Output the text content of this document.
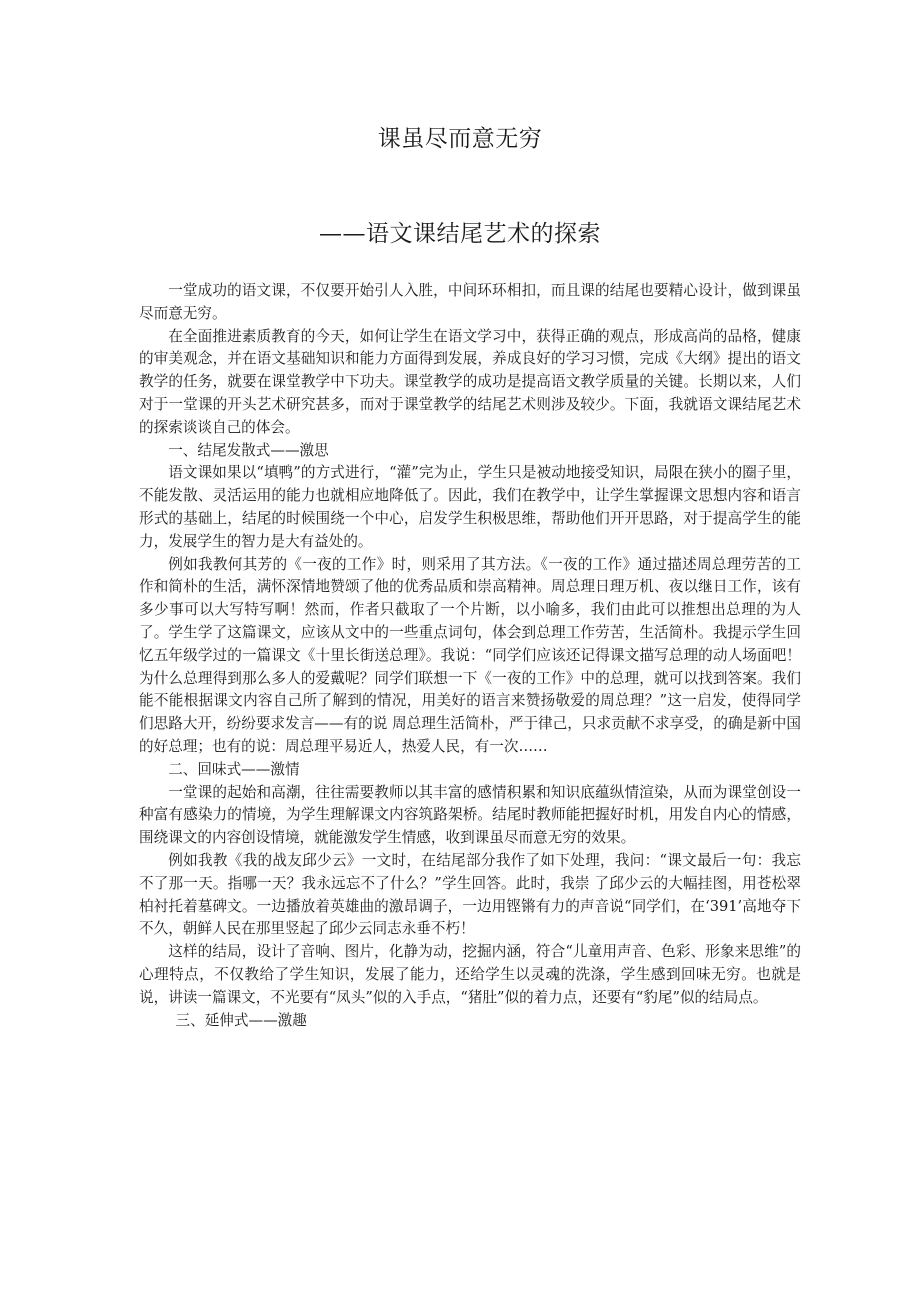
课虽尽而意无穷
——语文课结尾艺术的探索

一堂成功的语文课，不仅要开始引人入胜，中间环环相扣，而且课的结尾也要精心设计，做到课虽尽而意无穷。

在全面推进素质教育的今天，如何让学生在语文学习中，获得正确的观点，形成高尚的品格，健康的审美观念，并在语文基础知识和能力方面得到发展，养成良好的学习习惯，完成《大纲》提出的语文教学的任务，就要在课堂教学中下功夫。课堂教学的成功是提高语文教学质量的关键。长期以来，人们对于一堂课的开头艺术研究甚多，而对于课堂教学的结尾艺术则涉及较少。下面，我就语文课结尾艺术的探索谈谈自己的体会。

一、结尾发散式——激思

语文课如果以“填鸭”的方式进行，“灌”完为止，学生只是被动地接受知识，局限在狭小的圈子里，不能发散、灵活运用的能力也就相应地降低了。因此，我们在教学中，让学生掌握课文思想内容和语言形式的基础上，结尾的时候围绕一个中心，启发学生积极思维，帮助他们开开思路，对于提高学生的能力，发展学生的智力是大有益处的。

例如我教何其芳的《一夜的工作》时，则采用了其方法。《一夜的工作》通过描述周总理劳苦的工作和简朴的生活，满怀深情地赞颂了他的优秀品质和崇高精神。周总理日理万机、夜以继日工作，该有多少事可以大写特写啊！然而，作者只截取了一个片断，以小喻多，我们由此可以推想出总理的为人了。学生学了这篇课文，应该从文中的一些重点词句，体会到总理工作劳苦，生活简朴。我提示学生回忆五年级学过的一篇课文《十里长街送总理》。我说：“同学们应该还记得课文描写总理的动人场面吧！为什么总理得到那么多人的爱戴呢？同学们联想一下《一夜的工作》中的总理，就可以找到答案。我们能不能根据课文内容自己所了解到的情况，用美好的语言来赞扬敬爱的周总理？”这一启发，使得同学们思路大开，纷纷要求发言——有的说 周总理生活简朴，严于律己，只求贡献不求享受，的确是新中国的好总理；也有的说：周总理平易近人，热爱人民，有一次……

二、回味式——激情

一堂课的起始和高潮，往往需要教师以其丰富的感情积累和知识底蕴纵情渲染，从而为课堂创设一种富有感染力的情境，为学生理解课文内容筑路架桥。结尾时教师能把握好时机，用发自内心的情感，围绕课文的内容创设情境，就能激发学生情感，收到课虽尽而意无穷的效果。

例如我教《我的战友邱少云》一文时，在结尾部分我作了如下处理，我问：“课文最后一句：我忘不了那一天。指哪一天？我永远忘不了什么？”学生回答。此时，我崇 了邱少云的大幅挂图，用苍松翠柏衬托着墓碑文。一边播放着英雄曲的激昂调子，一边用铿锵有力的声音说“同学们，在‘391’高地夺下不久，朝鲜人民在那里竖起了邱少云同志永垂不朽！

这样的结局，设计了音响、图片，化静为动，挖掘内涵，符合“儿童用声音、色彩、形象来思维”的心理特点，不仅教给了学生知识，发展了能力，还给学生以灵魂的洗涤，学生感到回味无穷。也就是说，讲读一篇课文，不光要有“凤头”似的入手点，“猪肚”似的着力点，还要有“豹尾”似的结局点。

三、延伸式——激趣
